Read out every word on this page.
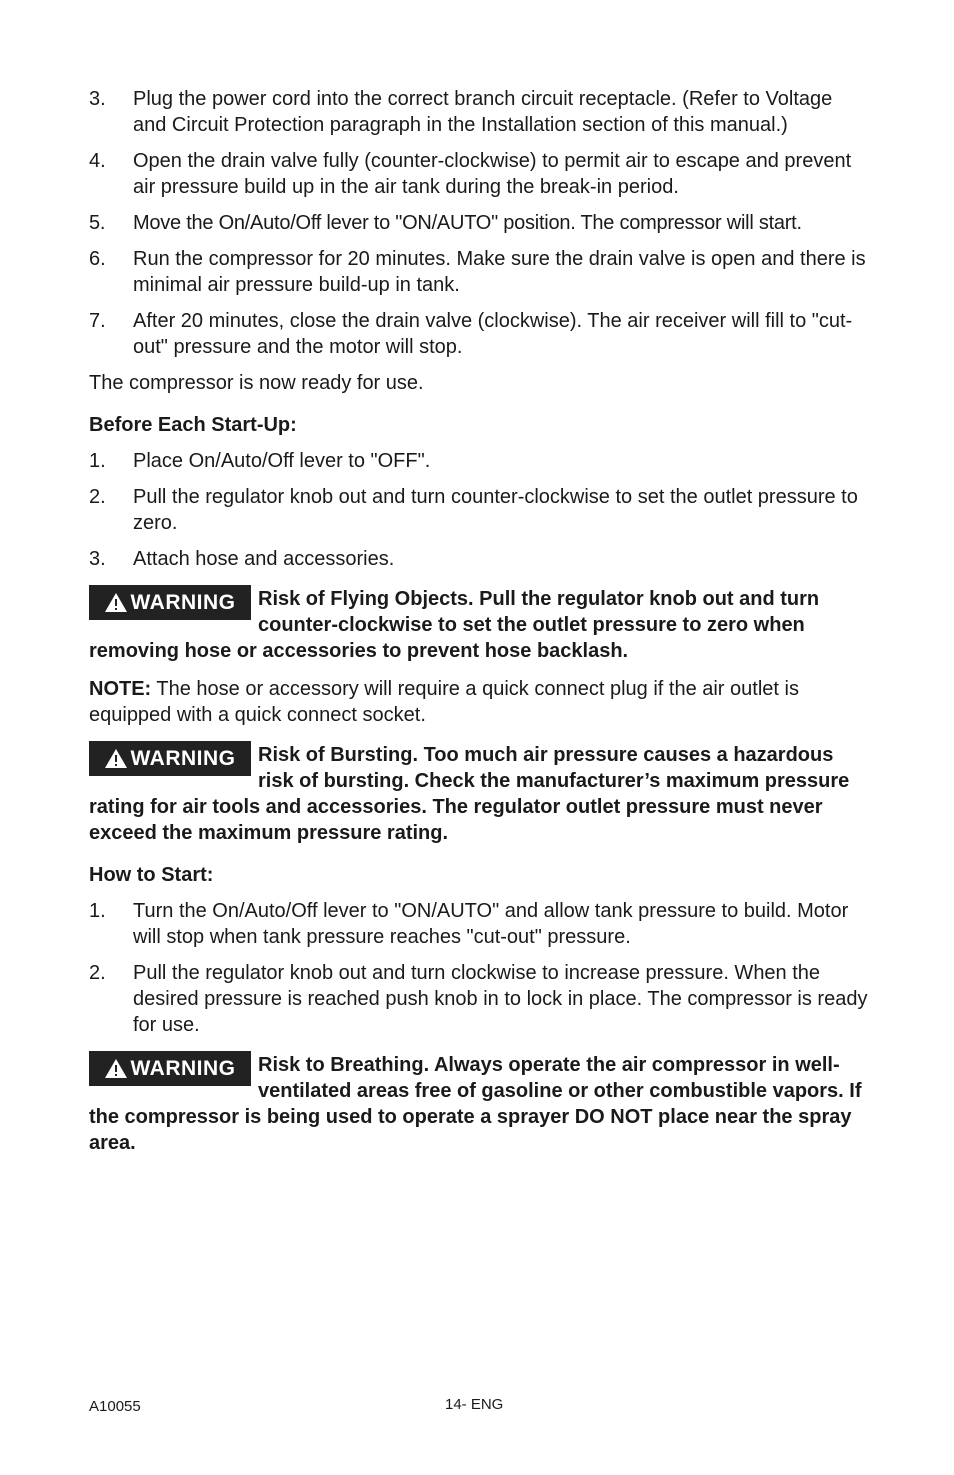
3. Plug the power cord into the correct branch circuit receptacle. (Refer to Voltage and Circuit Protection paragraph in the Installation section of this manual.)
4. Open the drain valve fully (counter-clockwise) to permit air to escape and prevent air pressure build up in the air tank during the break-in period.
5. Move the On/Auto/Off lever to "ON/AUTO" position. The compressor will start.
6. Run the compressor for 20 minutes. Make sure the drain valve is open and there is minimal air pressure build-up in tank.
7. After 20 minutes, close the drain valve (clockwise). The air receiver will fill to "cut-out" pressure and the motor will stop.
The compressor is now ready for use.
Before Each Start-Up:
1. Place On/Auto/Off lever to "OFF".
2. Pull the regulator knob out and turn counter-clockwise to set the outlet pressure to zero.
3. Attach hose and accessories.
WARNING Risk of Flying Objects. Pull the regulator knob out and turn counter-clockwise to set the outlet pressure to zero when removing hose or accessories to prevent hose backlash.
NOTE: The hose or accessory will require a quick connect plug if the air outlet is equipped with a quick connect socket.
WARNING Risk of Bursting. Too much air pressure causes a hazardous risk of bursting. Check the manufacturer’s maximum pressure rating for air tools and accessories. The regulator outlet pressure must never exceed the maximum pressure rating.
How to Start:
1. Turn the On/Auto/Off lever to "ON/AUTO" and allow tank pressure to build. Motor will stop when tank pressure reaches "cut-out" pressure.
2. Pull the regulator knob out and turn clockwise to increase pressure. When the desired pressure is reached push knob in to lock in place. The compressor is ready for use.
WARNING Risk to Breathing. Always operate the air compressor in well-ventilated areas free of gasoline or other combustible vapors. If the compressor is being used to operate a sprayer DO NOT place near the spray area.
A10055	14- ENG
